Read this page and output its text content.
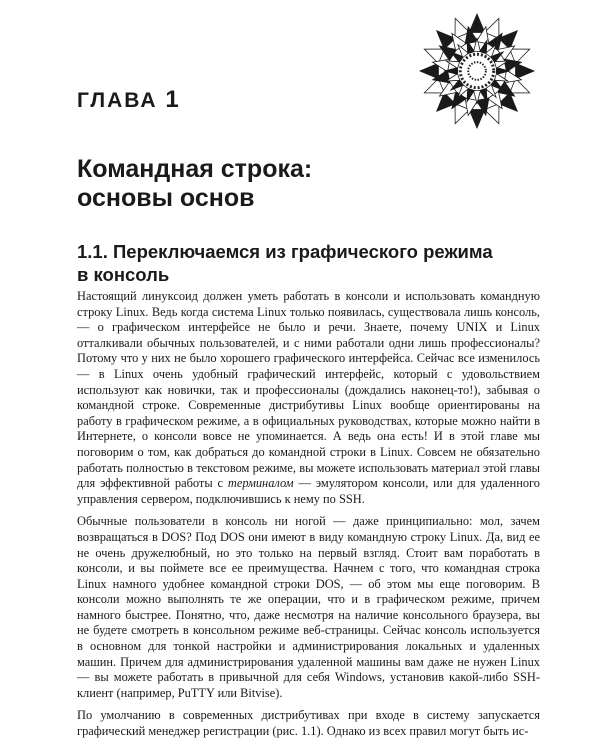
ГЛАВА 1
Командная строка:
основы основ
1.1. Переключаемся из графического режима
в консоль

Настоящий линуксоид должен уметь работать в консоли и использовать командную строку Linux. Ведь когда система Linux только появилась, существовала лишь консоль, — о графическом интерфейсе не было и речи. Знаете, почему UNIX и Linux отталкивали обычных пользователей, и с ними работали одни лишь профессионалы? Потому что у них не было хорошего графического интерфейса. Сейчас все изменилось — в Linux очень удобный графический интерфейс, который с удовольствием используют как новички, так и профессионалы (дождались наконец-то!), забывая о командной строке. Современные дистрибутивы Linux вообще ориентированы на работу в графическом режиме, а в официальных руководствах, которые можно найти в Интернете, о консоли вовсе не упоминается. А ведь она есть! И в этой главе мы поговорим о том, как добраться до командной строки в Linux. Совсем не обязательно работать полностью в текстовом режиме, вы можете использовать материал этой главы для эффективной работы с терминалом — эмулятором консоли, или для удаленного управления сервером, подключившись к нему по SSH.

Обычные пользователи в консоль ни ногой — даже принципиально: мол, зачем возвращаться в DOS? Под DOS они имеют в виду командную строку Linux. Да, вид ее не очень дружелюбный, но это только на первый взгляд. Стоит вам поработать в консоли, и вы поймете все ее преимущества. Начнем с того, что командная строка Linux намного удобнее командной строки DOS, — об этом мы еще поговорим. В консоли можно выполнять те же операции, что и в графическом режиме, причем намного быстрее. Понятно, что, даже несмотря на наличие консольного браузера, вы не будете смотреть в консольном режиме веб-страницы. Сейчас консоль используется в основном для тонкой настройки и администрирования локальных и удаленных машин. Причем для администрирования удаленной машины вам даже не нужен Linux — вы можете работать в привычной для себя Windows, установив какой-либо SSH-клиент (например, PuTTY или Bitvise).

По умолчанию в современных дистрибутивах при входе в систему запускается графический менеджер регистрации (рис. 1.1). Однако из всех правил могут быть ис-
